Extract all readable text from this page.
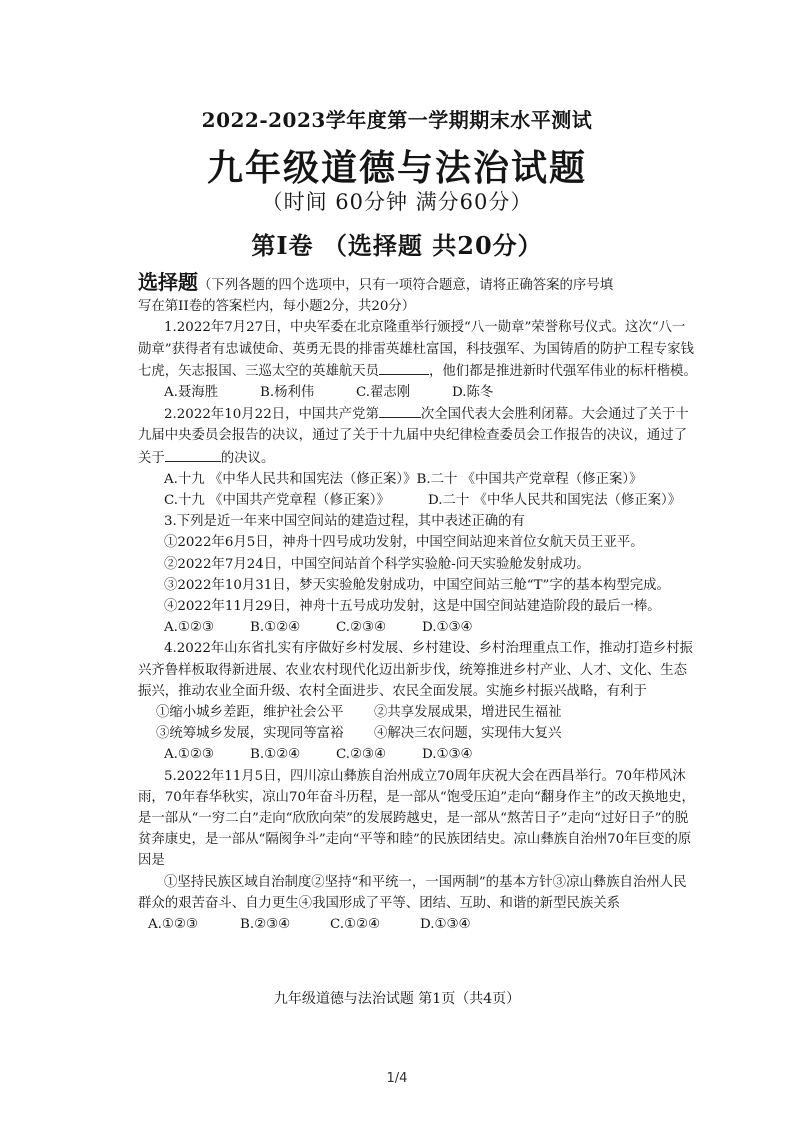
2022-2023学年度第一学期期末水平测试
九年级道德与法治试题
（时间 60分钟 满分60分）
第Ⅰ卷 （选择题 共20分）

选择题（下列各题的四个选项中，只有一项符合题意，请将正确答案的序号填

写在第II卷的答案栏内，每小题2分，共20分）

1.2022年7月27日，中央军委在北京隆重举行颁授“八一勋章”荣誉称号仪式。这次“八一勋章”获得者有忠诚使命、英勇无畏的排雷英雄杜富国，科技强军、为国铸盾的防护工程专家钱七虎，矢志报国、三巡太空的英雄航天员	，他们都是推进新时代强军伟业的标杆楷模。

A.聂海胜	B.杨利伟	C.翟志刚	D.陈冬

2.2022年10月22日，中国共产党第	次全国代表大会胜利闭幕。大会通过了关于十九届中央委员会报告的决议，通过了关于十九届中央纪律检查委员会工作报告的决议，通过了关于	的决议。

A.十九 《中华人民共和国宪法（修正案）》B.二十 《中国共产党章程（修正案）》
C.十九 《中国共产党章程（修正案）》	D.二十 《中华人民共和国宪法（修正案）》

3.下列是近一年来中国空间站的建造过程，其中表述正确的有

①2022年6月5日，神舟十四号成功发射，中国空间站迎来首位女航天员王亚平。

②2022年7月24日，中国空间站首个科学实验舱-问天实验舱发射成功。

③2022年10月31日，梦天实验舱发射成功，中国空间站三舱“T”字的基本构型完成。

④2022年11月29日，神舟十五号成功发射，这是中国空间站建造阶段的最后一棒。

A.①②③	B.①②④	C.②③④	D.①③④

4.2022年山东省扎实有序做好乡村发展、乡村建设、乡村治理重点工作，推动打造乡村振兴齐鲁样板取得新进展、农业农村现代化迈出新步伐，统筹推进乡村产业、人才、文化、生态振兴，推动农业全面升级、农村全面进步、农民全面发展。实施乡村振兴战略，有利于

①缩小城乡差距，维护社会公平	②共享发展成果，增进民生福祉
③统筹城乡发展，实现同等富裕	④解决三农问题，实现伟大复兴
A.①②③	B.①②④	C.②③④	D.①③④

5.2022年11月5日，四川凉山彝族自治州成立70周年庆祝大会在西昌举行。70年栉风沐雨，70年春华秋实，凉山70年奋斗历程，是一部从“饱受压迫”走向“翻身作主”的改天换地史，是一部从“一穷二白”走向“欣欣向荣”的发展跨越史，是一部从“熬苦日子”走向“过好日子”的脱贫奔康史，是一部从“隔阂争斗”走向“平等和睦”的民族团结史。凉山彝族自治州70年巨变的原因是

①坚持民族区域自治制度②坚持“和平统一，一国两制”的基本方针③凉山彝族自治州人民群众的艰苦奋斗、自力更生④我国形成了平等、团结、互助、和谐的新型民族关系

A.①②③	B.②③④	C.①②④	D.①③④
九年级道德与法治试题 第1页（共4页）
1/4
